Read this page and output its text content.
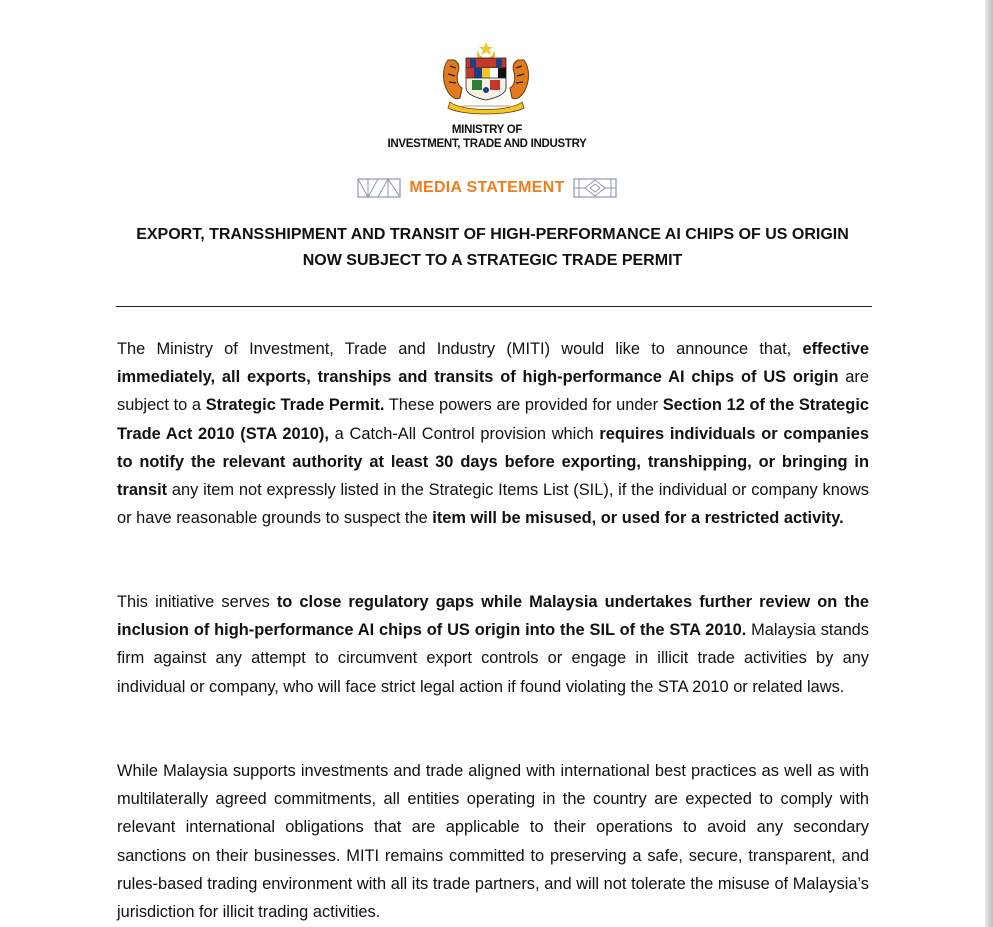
MINISTRY OF
INVESTMENT, TRADE AND INDUSTRY
MEDIA STATEMENT
EXPORT, TRANSSHIPMENT AND TRANSIT OF HIGH-PERFORMANCE AI CHIPS OF US ORIGIN
NOW SUBJECT TO A STRATEGIC TRADE PERMIT

The Ministry of Investment, Trade and Industry (MITI) would like to announce that, effective immediately, all exports, tranships and transits of high-performance AI chips of US origin are subject to a Strategic Trade Permit. These powers are provided for under Section 12 of the Strategic Trade Act 2010 (STA 2010), a Catch-All Control provision which requires individuals or companies to notify the relevant authority at least 30 days before exporting, transhipping, or bringing in transit any item not expressly listed in the Strategic Items List (SIL), if the individual or company knows or have reasonable grounds to suspect the item will be misused, or used for a restricted activity.

This initiative serves to close regulatory gaps while Malaysia undertakes further review on the inclusion of high-performance AI chips of US origin into the SIL of the STA 2010. Malaysia stands firm against any attempt to circumvent export controls or engage in illicit trade activities by any individual or company, who will face strict legal action if found violating the STA 2010 or related laws.

While Malaysia supports investments and trade aligned with international best practices as well as with multilaterally agreed commitments, all entities operating in the country are expected to comply with relevant international obligations that are applicable to their operations to avoid any secondary sanctions on their businesses. MITI remains committed to preserving a safe, secure, transparent, and rules-based trading environment with all its trade partners, and will not tolerate the misuse of Malaysia’s jurisdiction for illicit trading activities.
